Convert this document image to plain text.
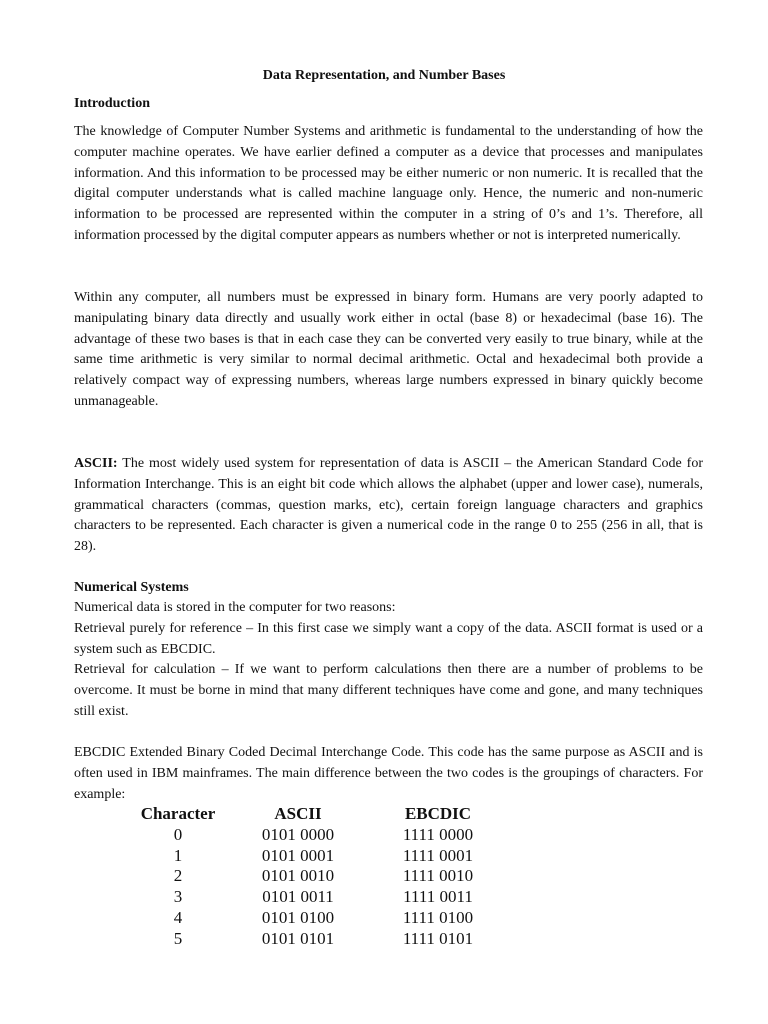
Data Representation, and Number Bases
Introduction
The knowledge of Computer Number Systems and arithmetic is fundamental to the understanding of how the computer machine operates. We have earlier defined a computer as a device that processes and manipulates information. And this information to be processed may be either numeric or non numeric. It is recalled that the digital computer understands what is called machine language only. Hence, the numeric and non-numeric information to be processed are represented within the computer in a string of 0’s and 1’s. Therefore, all information processed by the digital computer appears as numbers whether or not is interpreted numerically.
Within any computer, all numbers must be expressed in binary form. Humans are very poorly adapted to manipulating binary data directly and usually work either in octal (base 8) or hexadecimal (base 16). The advantage of these two bases is that in each case they can be converted very easily to true binary, while at the same time arithmetic is very similar to normal decimal arithmetic. Octal and hexadecimal both provide a relatively compact way of expressing numbers, whereas large numbers expressed in binary quickly become unmanageable.
ASCII: The most widely used system for representation of data is ASCII – the American Standard Code for Information Interchange. This is an eight bit code which allows the alphabet (upper and lower case), numerals, grammatical characters (commas, question marks, etc), certain foreign language characters and graphics characters to be represented. Each character is given a numerical code in the range 0 to 255 (256 in all, that is 28).
Numerical Systems
Numerical data is stored in the computer for two reasons:
Retrieval purely for reference – In this first case we simply want a copy of the data. ASCII format is used or a system such as EBCDIC.
Retrieval for calculation – If we want to perform calculations then there are a number of problems to be overcome. It must be borne in mind that many different techniques have come and gone, and many techniques still exist.
EBCDIC Extended Binary Coded Decimal Interchange Code. This code has the same purpose as ASCII and is often used in IBM mainframes. The main difference between the two codes is the groupings of characters. For example:
Character	ASCII	EBCDIC
0	0101 0000	1111 0000
1	0101 0001	1111 0001
2	0101 0010	1111 0010
3	0101 0011	1111 0011
4	0101 0100	1111 0100
5	0101 0101	1111 0101
